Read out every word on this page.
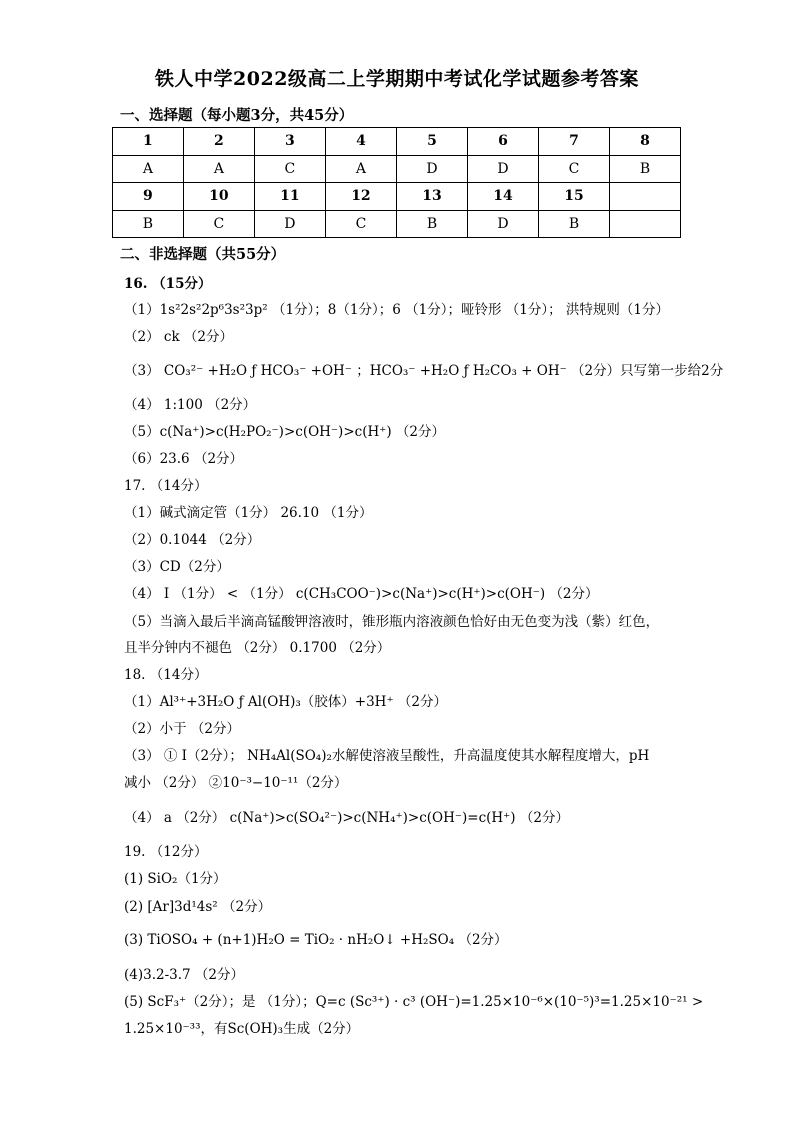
铁人中学2022级高二上学期期中考试化学试题参考答案
一、选择题（每小题3分，共45分）
1	2	3	4	5	6	7	8
A	A	C	A	D	D	C	B
9	10	11	12	13	14	15	
B	C	D	C	B	D	B	
二、非选择题（共55分）
16. （15分）
（1）1s²2s²2p⁶3s²3p² （1分）；8（1分）；6 （1分）；哑铃形 （1分）； 洪特规则（1分）
（2） ck （2分）
（3） CO₃²⁻ +H₂O ƒ HCO₃⁻ +OH⁻ ；HCO₃⁻ +H₂O ƒ H₂CO₃ + OH⁻ （2分）只写第一步给2分
（4） 1:100 （2分）
（5）c(Na⁺)>c(H₂PO₂⁻)>c(OH⁻)>c(H⁺) （2分）
（6）23.6 （2分）
17. （14分）
（1）碱式滴定管（1分） 26.10 （1分）
（2）0.1044 （2分）
（3）CD（2分）
（4） I （1分） < （1分） c(CH₃COO⁻)>c(Na⁺)>c(H⁺)>c(OH⁻) （2分）
（5）当滴入最后半滴高锰酸钾溶液时，锥形瓶内溶液颜色恰好由无色变为浅（紫）红色，
且半分钟内不褪色 （2分） 0.1700 （2分）
18. （14分）
（1）Al³⁺+3H₂O ƒ Al(OH)₃（胶体）+3H⁺ （2分）
（2）小于 （2分）
（3） ① I（2分）； NH₄Al(SO₄)₂水解使溶液呈酸性，升高温度使其水解程度增大，pH
减小 （2分） ②10⁻³−10⁻¹¹（2分）
（4） a （2分） c(Na⁺)>c(SO₄²⁻)>c(NH₄⁺)>c(OH⁻)=c(H⁺) （2分）
19. （12分）
(1) SiO₂（1分）
(2) [Ar]3d¹4s² （2分）
(3) TiOSO₄ + (n+1)H₂O = TiO₂ · nH₂O↓ +H₂SO₄ （2分）
(4)3.2-3.7 （2分）
(5) ScF₃⁺（2分）；是 （1分）；Q=c (Sc³⁺) · c³ (OH⁻)=1.25×10⁻⁶×(10⁻⁵)³=1.25×10⁻²¹ >
1.25×10⁻³³，有Sc(OH)₃生成（2分）
